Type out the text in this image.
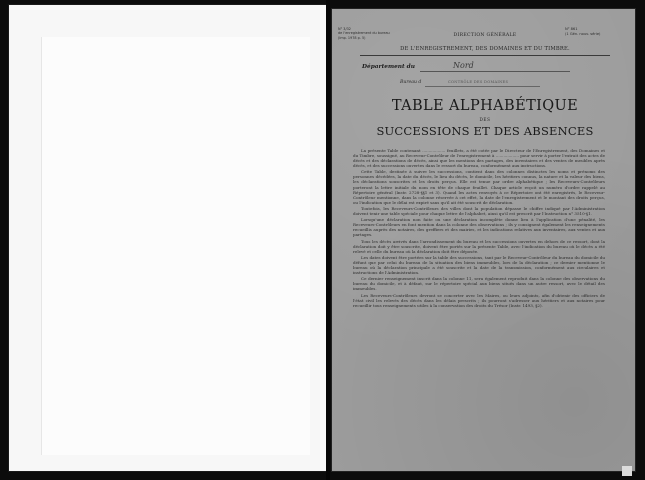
N° 3/32
de l'enregistrement du bureau
(Imp. 1978 p. 5)
N° 861
(1 Gén. nouv. série)
DIRECTION GÉNÉRALE
DE L'ENREGISTREMENT, DES DOMAINES ET DU TIMBRE.
Département du	Nord
Bureau d	CONTRÔLE DES DOMAINES
TABLE ALPHABÉTIQUE
DES
SUCCESSIONS ET DES ABSENCES

La présente Table contenant .................. feuillets, a été cotée par le Directeur de l'Enregistrement, des Domaines et du Timbre, soussigné, au Receveur-Contrôleur de l'enregistrement à .................. pour servir à porter l'extrait des actes de décès et des déclarations de décès, ainsi que les mentions des partages, des inventaires et des ventes de meubles après décès, et des successions ouvertes dans le ressort du bureau, conformément aux instructions.

Cette Table, destinée à suivre les successions, contient dans des colonnes distinctes les noms et prénoms des personnes décédées, la date du décès, le lieu du décès, le domicile, les héritiers connus, la nature et la valeur des biens, les déclarations souscrites et les droits perçus. Elle est tenue par ordre alphabétique ; les Receveurs-Contrôleurs porteront la lettre initiale du nom en tête de chaque feuillet. Chaque article reçoit un numéro d'ordre rappelé au Répertoire général (Instr. 2728-§§1 et 3). Quand les actes renvoyés à ce Répertoire ont été enregistrés, le Receveur-Contrôleur mentionne, dans la colonne réservée à cet effet, la date de l'enregistrement et le montant des droits perçus, ou l'indication que le délai est expiré sans qu'il ait été souscrit de déclaration.

Toutefois, les Receveurs-Contrôleurs des villes dont la population dépasse le chiffre indiqué par l'Administration doivent tenir une table spéciale pour chaque lettre de l'alphabet, ainsi qu'il est prescrit par l'Instruction n° 3510-§1.

Lorsqu'une déclaration non faite ou une déclaration incomplète donne lieu à l'application d'une pénalité, les Receveurs-Contrôleurs en font mention dans la colonne des observations ; ils y consignent également les renseignements recueillis auprès des notaires, des greffiers et des mairies, et les indications relatives aux inventaires, aux ventes et aux partages.

Tous les décès arrivés dans l'arrondissement du bureau et les successions ouvertes en dehors de ce ressort, dont la déclaration doit y être souscrite, doivent être portés sur la présente Table, avec l'indication du bureau où le décès a été relevé et celle du bureau où la déclaration doit être déposée.

Les dates doivent être portées sur la table des successions, tant par le Receveur-Contrôleur du bureau du domicile du défunt que par celui du bureau de la situation des biens immeubles, lors de la déclaration ; ce dernier mentionne le bureau où la déclaration principale a été souscrite et la date de la transmission, conformément aux circulaires et instructions de l'Administration.

Ce dernier renseignement inscrit dans la colonne 11, sera également reproduit dans la colonne des observations du bureau du domicile, et à défaut, sur le répertoire spécial aux biens situés dans un autre ressort, avec le détail des immeubles.

Les Receveurs-Contrôleurs devront se concerter avec les Maires, ou leurs adjoints, afin d'obtenir des officiers de l'état civil les relevés des décès dans les délais prescrits ; ils pourront s'adresser aux héritiers et aux notaires pour recueillir tous renseignements utiles à la conservation des droits du Trésor (Instr. 1493, §2).
